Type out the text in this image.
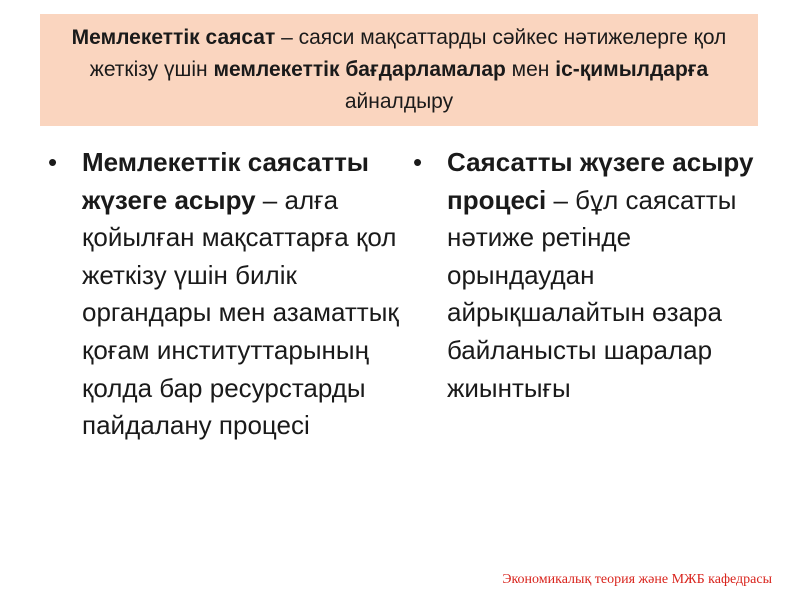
Мемлекеттік саясат – саяси мақсаттарды сәйкес нәтижелерге қол жеткізу үшін мемлекеттік бағдарламалар мен іс-қимылдарға айналдыру
• Мемлекеттік саясатты жүзеге асыру – алға қойылған мақсаттарға қол жеткізу үшін билік органдары мен азаматтық қоғам институттарының қолда бар ресурстарды пайдалану процесі
• Саясатты жүзеге асыру процесі – бұл саясатты нәтиже ретінде орындаудан айрықшалайтын өзара байланысты шаралар жиынтығы
Экономикалық теория және МЖБ кафедрасы
